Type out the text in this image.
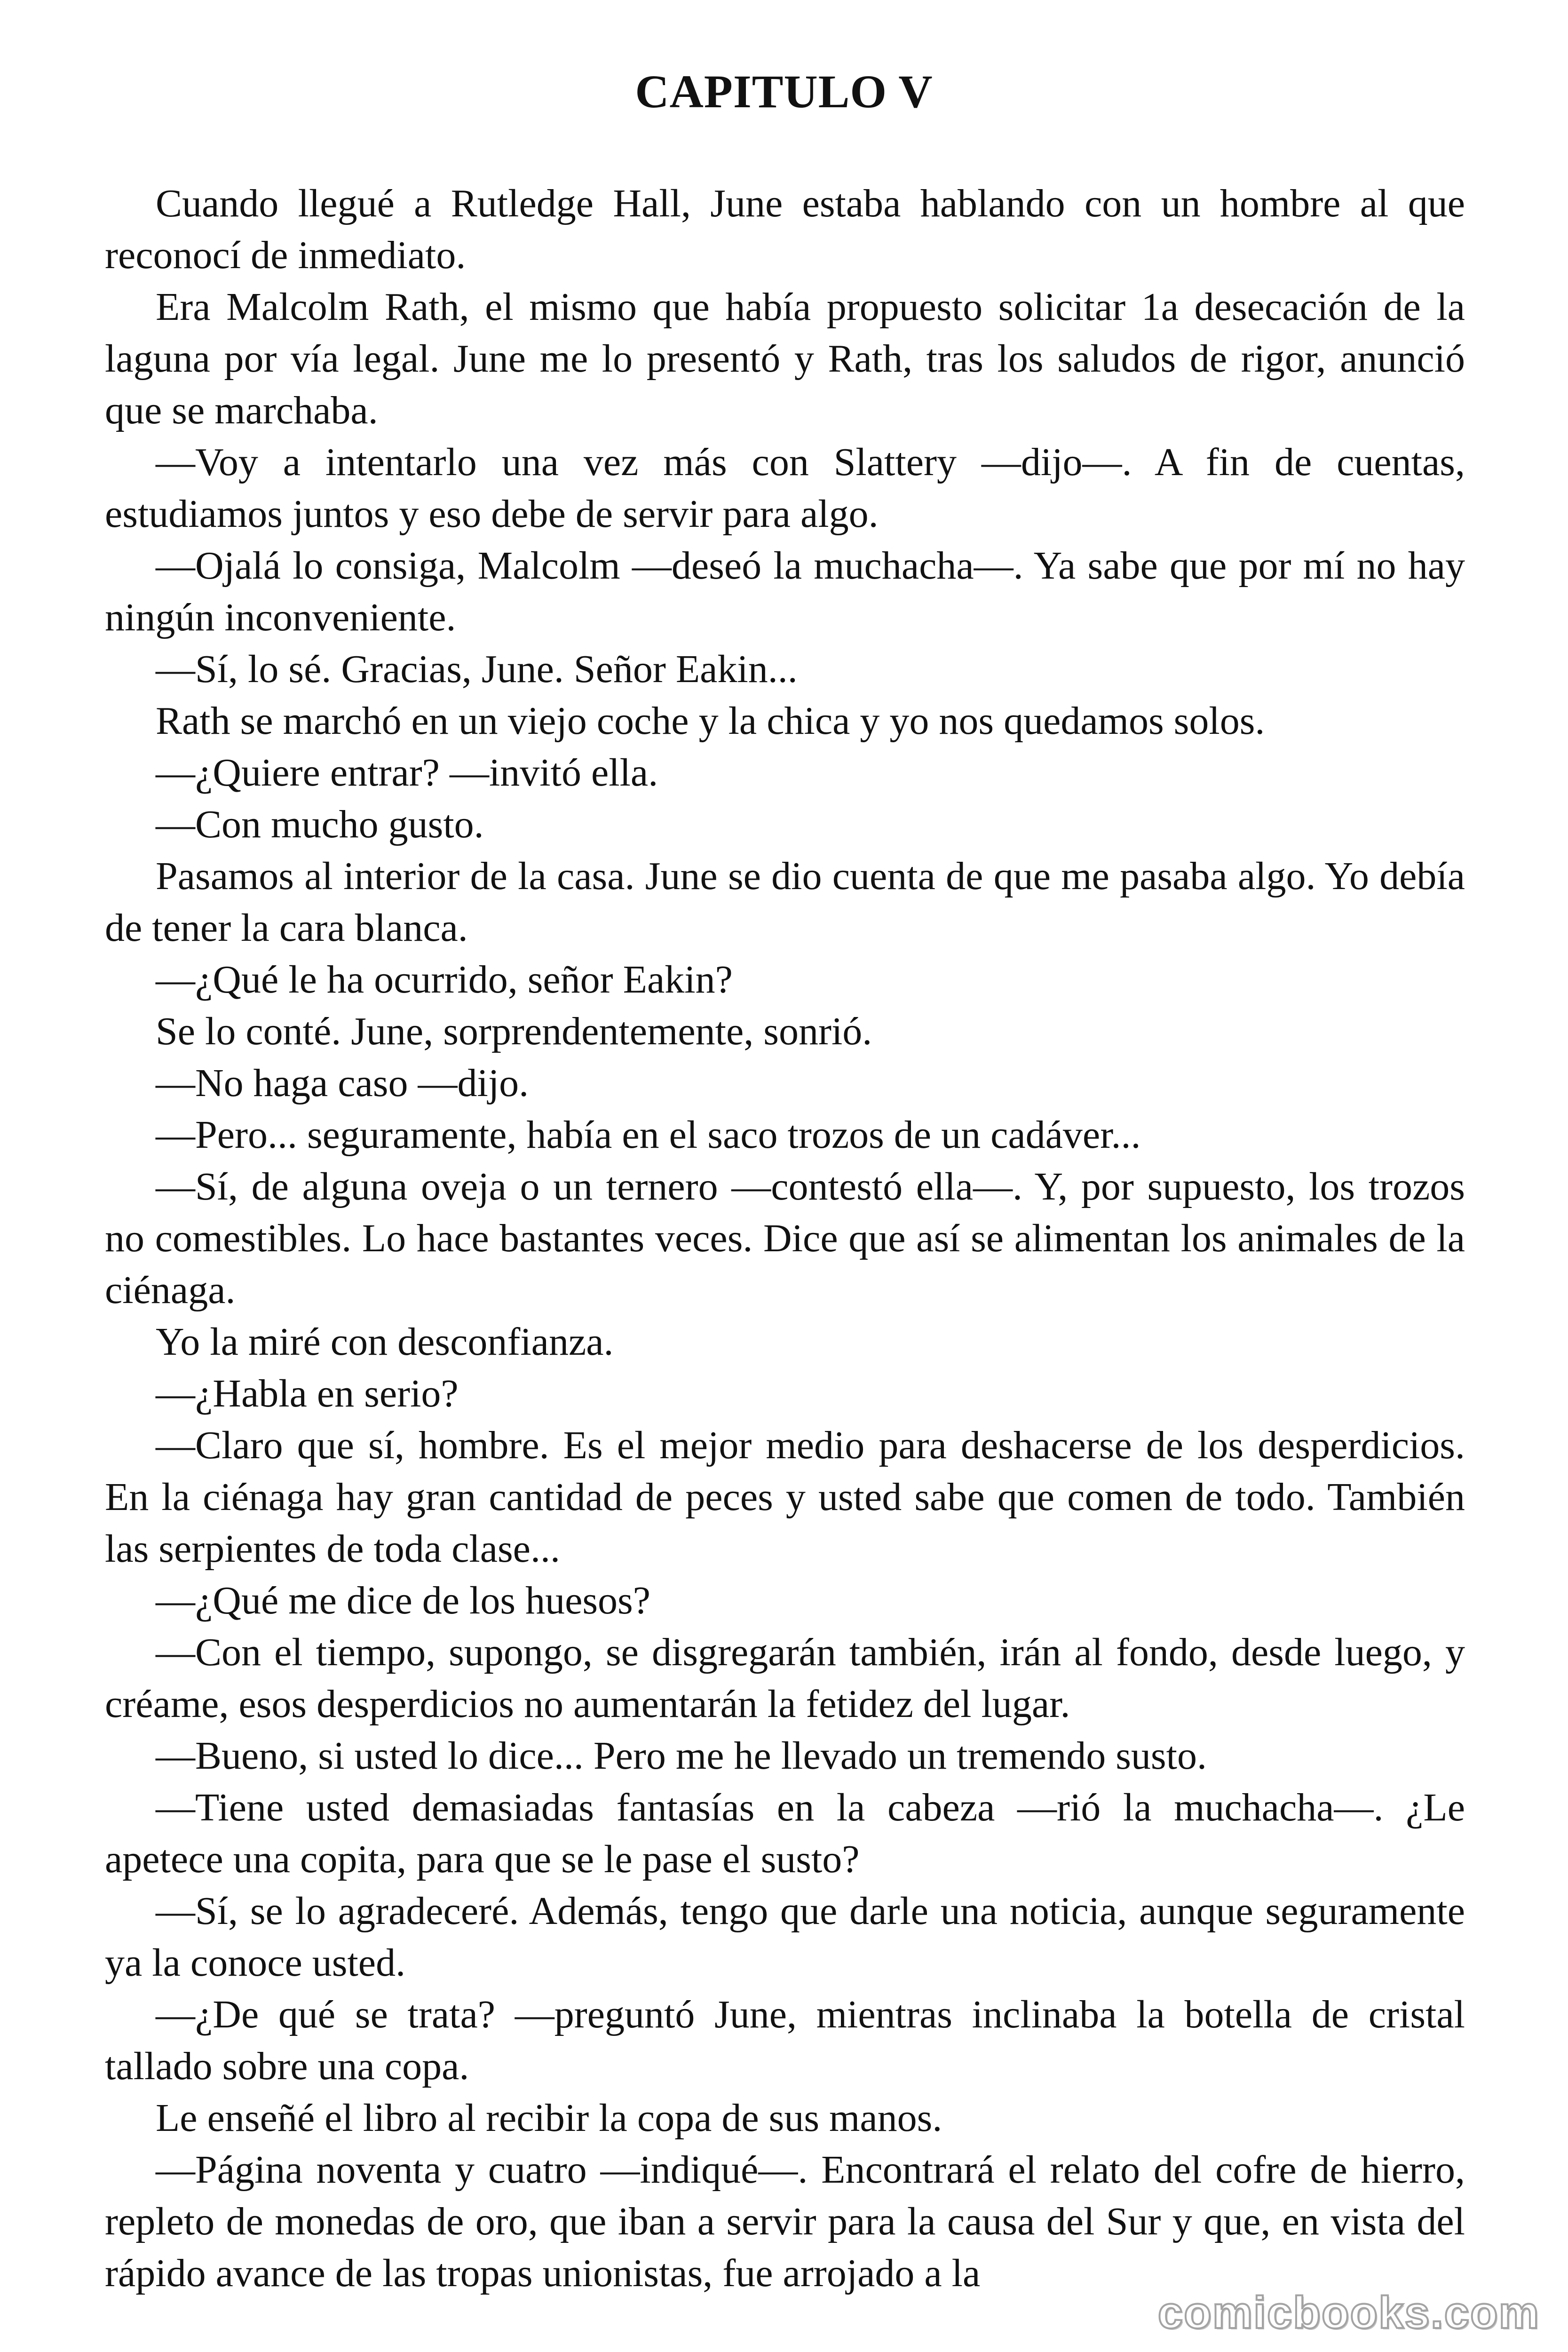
CAPITULO V

Cuando llegué a Rutledge Hall, June estaba hablando con un hombre al que reconocí de inmediato.

Era Malcolm Rath, el mismo que había propuesto solicitar 1a desecación de la laguna por vía legal. June me lo presentó y Rath, tras los saludos de rigor, anunció que se marchaba.

—Voy a intentarlo una vez más con Slattery —dijo—. A fin de cuentas, estudiamos juntos y eso debe de servir para algo.

—Ojalá lo consiga, Malcolm —deseó la muchacha—. Ya sabe que por mí no hay ningún inconveniente.

—Sí, lo sé. Gracias, June. Señor Eakin...

Rath se marchó en un viejo coche y la chica y yo nos quedamos solos.

—¿Quiere entrar? —invitó ella.

—Con mucho gusto.

Pasamos al interior de la casa. June se dio cuenta de que me pasaba algo. Yo debía de tener la cara blanca.

—¿Qué le ha ocurrido, señor Eakin?

Se lo conté. June, sorprendentemente, sonrió.

—No haga caso —dijo.

—Pero... seguramente, había en el saco trozos de un cadáver...

—Sí, de alguna oveja o un ternero —contestó ella—. Y, por supuesto, los trozos no comestibles. Lo hace bastantes veces. Dice que así se alimentan los animales de la ciénaga.

Yo la miré con desconfianza.

—¿Habla en serio?

—Claro que sí, hombre. Es el mejor medio para deshacerse de los desperdicios. En la ciénaga hay gran cantidad de peces y usted sabe que comen de todo. También las serpientes de toda clase...

—¿Qué me dice de los huesos?

—Con el tiempo, supongo, se disgregarán también, irán al fondo, desde luego, y créame, esos desperdicios no aumentarán la fetidez del lugar.

—Bueno, si usted lo dice... Pero me he llevado un tremendo susto.

—Tiene usted demasiadas fantasías en la cabeza —rió la muchacha—. ¿Le apetece una copita, para que se le pase el susto?

—Sí, se lo agradeceré. Además, tengo que darle una noticia, aunque seguramente ya la conoce usted.

—¿De qué se trata? —preguntó June, mientras inclinaba la botella de cristal tallado sobre una copa.

Le enseñé el libro al recibir la copa de sus manos.

—Página noventa y cuatro —indiqué—. Encontrará el relato del cofre de hierro, repleto de monedas de oro, que iban a servir para la causa del Sur y que, en vista del rápido avance de las tropas unionistas, fue arrojado a la

comicbooks.com
